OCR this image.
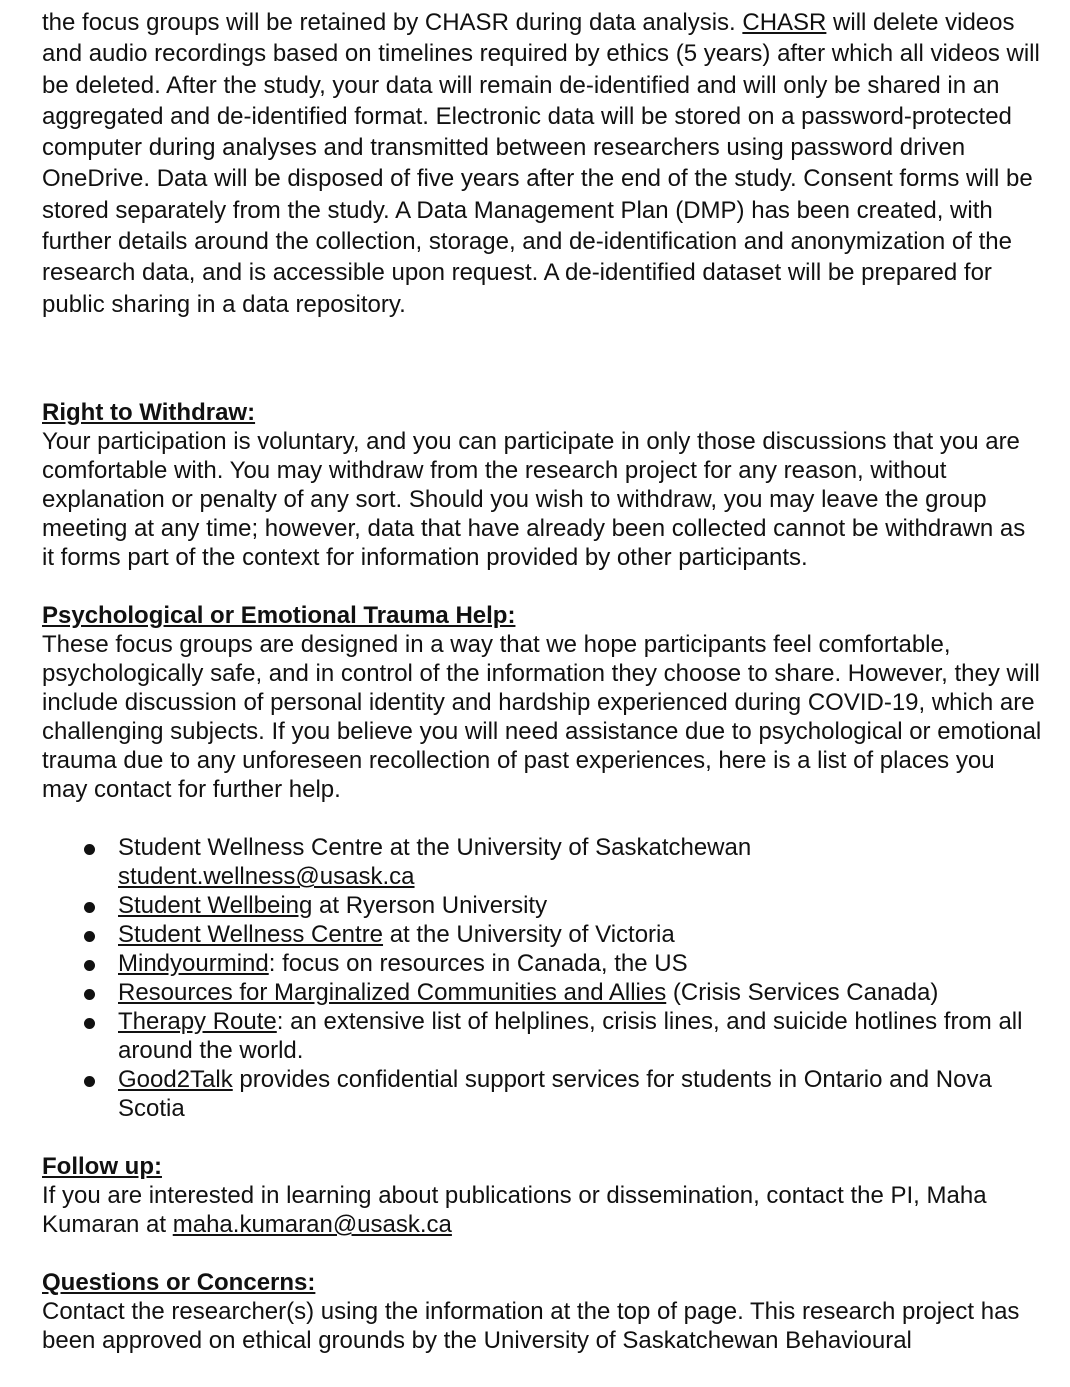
the focus groups will be retained by CHASR during data analysis. CHASR will delete videos and audio recordings based on timelines required by ethics (5 years) after which all videos will be deleted. After the study, your data will remain de-identified and will only be shared in an aggregated and de-identified format. Electronic data will be stored on a password-protected computer during analyses and transmitted between researchers using password driven OneDrive. Data will be disposed of five years after the end of the study. Consent forms will be stored separately from the study. A Data Management Plan (DMP) has been created, with further details around the collection, storage, and de-identification and anonymization of the research data, and is accessible upon request. A de-identified dataset will be prepared for public sharing in a data repository.

Right to Withdraw:

Your participation is voluntary, and you can participate in only those discussions that you are comfortable with. You may withdraw from the research project for any reason, without explanation or penalty of any sort. Should you wish to withdraw, you may leave the group meeting at any time; however, data that have already been collected cannot be withdrawn as it forms part of the context for information provided by other participants.

Psychological or Emotional Trauma Help:

These focus groups are designed in a way that we hope participants feel comfortable, psychologically safe, and in control of the information they choose to share. However, they will include discussion of personal identity and hardship experienced during COVID-19, which are challenging subjects. If you believe you will need assistance due to psychological or emotional trauma due to any unforeseen recollection of past experiences, here is a list of places you may contact for further help.

Student Wellness Centre at the University of Saskatchewan student.wellness@usask.ca
Student Wellbeing at Ryerson University
Student Wellness Centre at the University of Victoria
Mindyourmind: focus on resources in Canada, the US
Resources for Marginalized Communities and Allies (Crisis Services Canada)
Therapy Route: an extensive list of helplines, crisis lines, and suicide hotlines from all around the world.
Good2Talk provides confidential support services for students in Ontario and Nova Scotia

Follow up:

If you are interested in learning about publications or dissemination, contact the PI, Maha Kumaran at maha.kumaran@usask.ca

Questions or Concerns:

Contact the researcher(s) using the information at the top of page. This research project has been approved on ethical grounds by the University of Saskatchewan Behavioural
